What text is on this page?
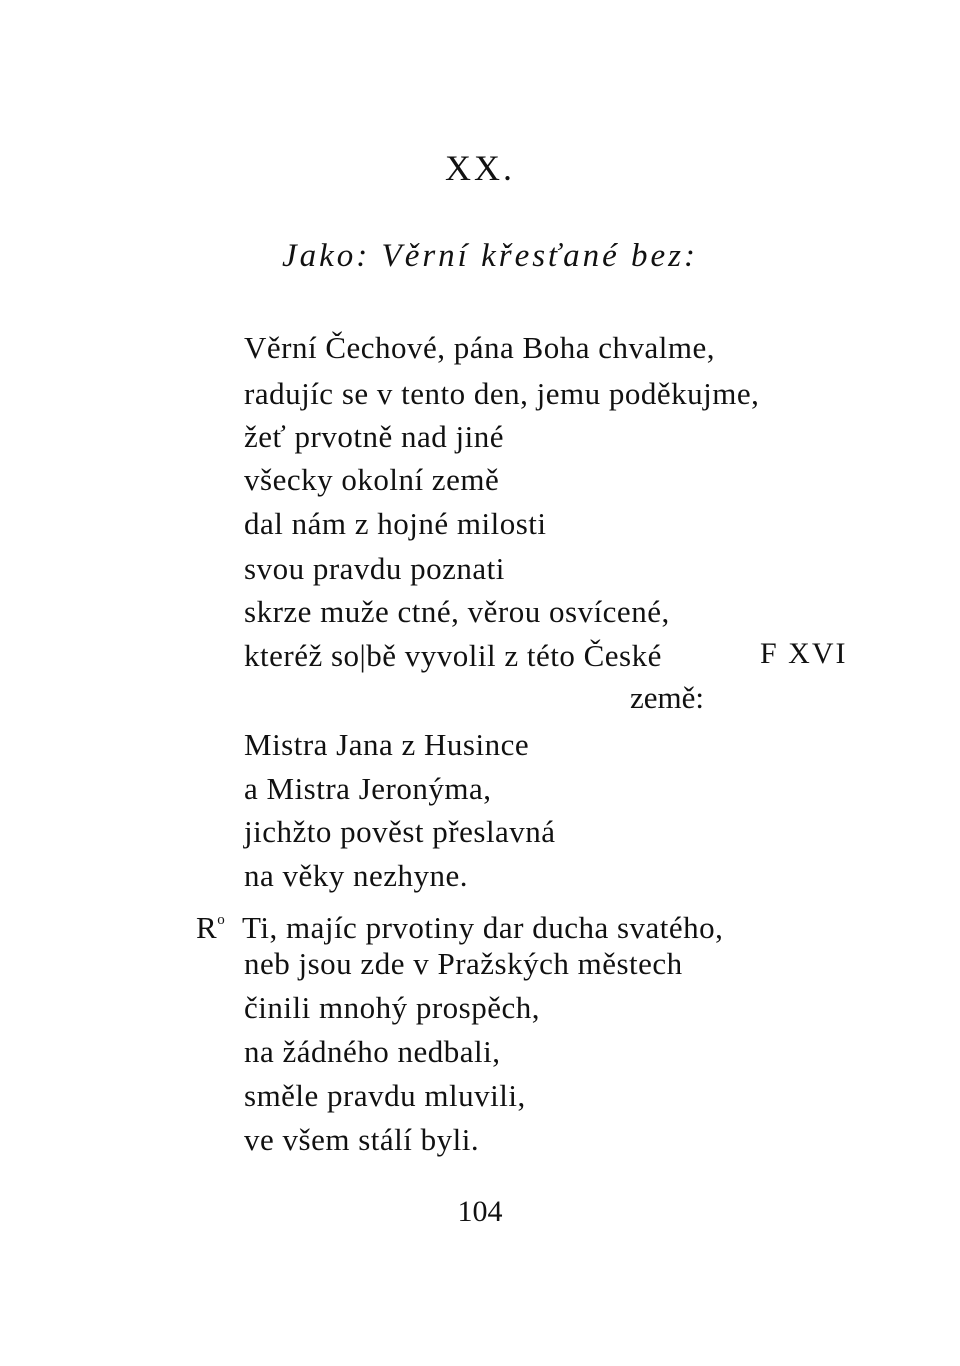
XX.
Jako: Věrní křesťané bez:
Věrní Čechové, pána Boha chvalme,
radujíc se v tento den, jemu poděkujme,
žeť prvotně nad jiné
všecky okolní země
dal nám z hojné milosti
svou pravdu poznati
skrze muže ctné, věrou osvícené,
kteréž so|bě vyvolil z této České
Mistra Jana z Husince
a Mistra Jeronýma,
jichžto pověst přeslavná
na věky nezhyne.
$R^o$ Ti, majíc prvotiny dar ducha svatého,
neb jsou zde v Pražských městech
činili mnohý prospěch,
na žádného nedbali,
směle pravdu mluvili,
ve všem stálí byli.
země:
F XVI
104
